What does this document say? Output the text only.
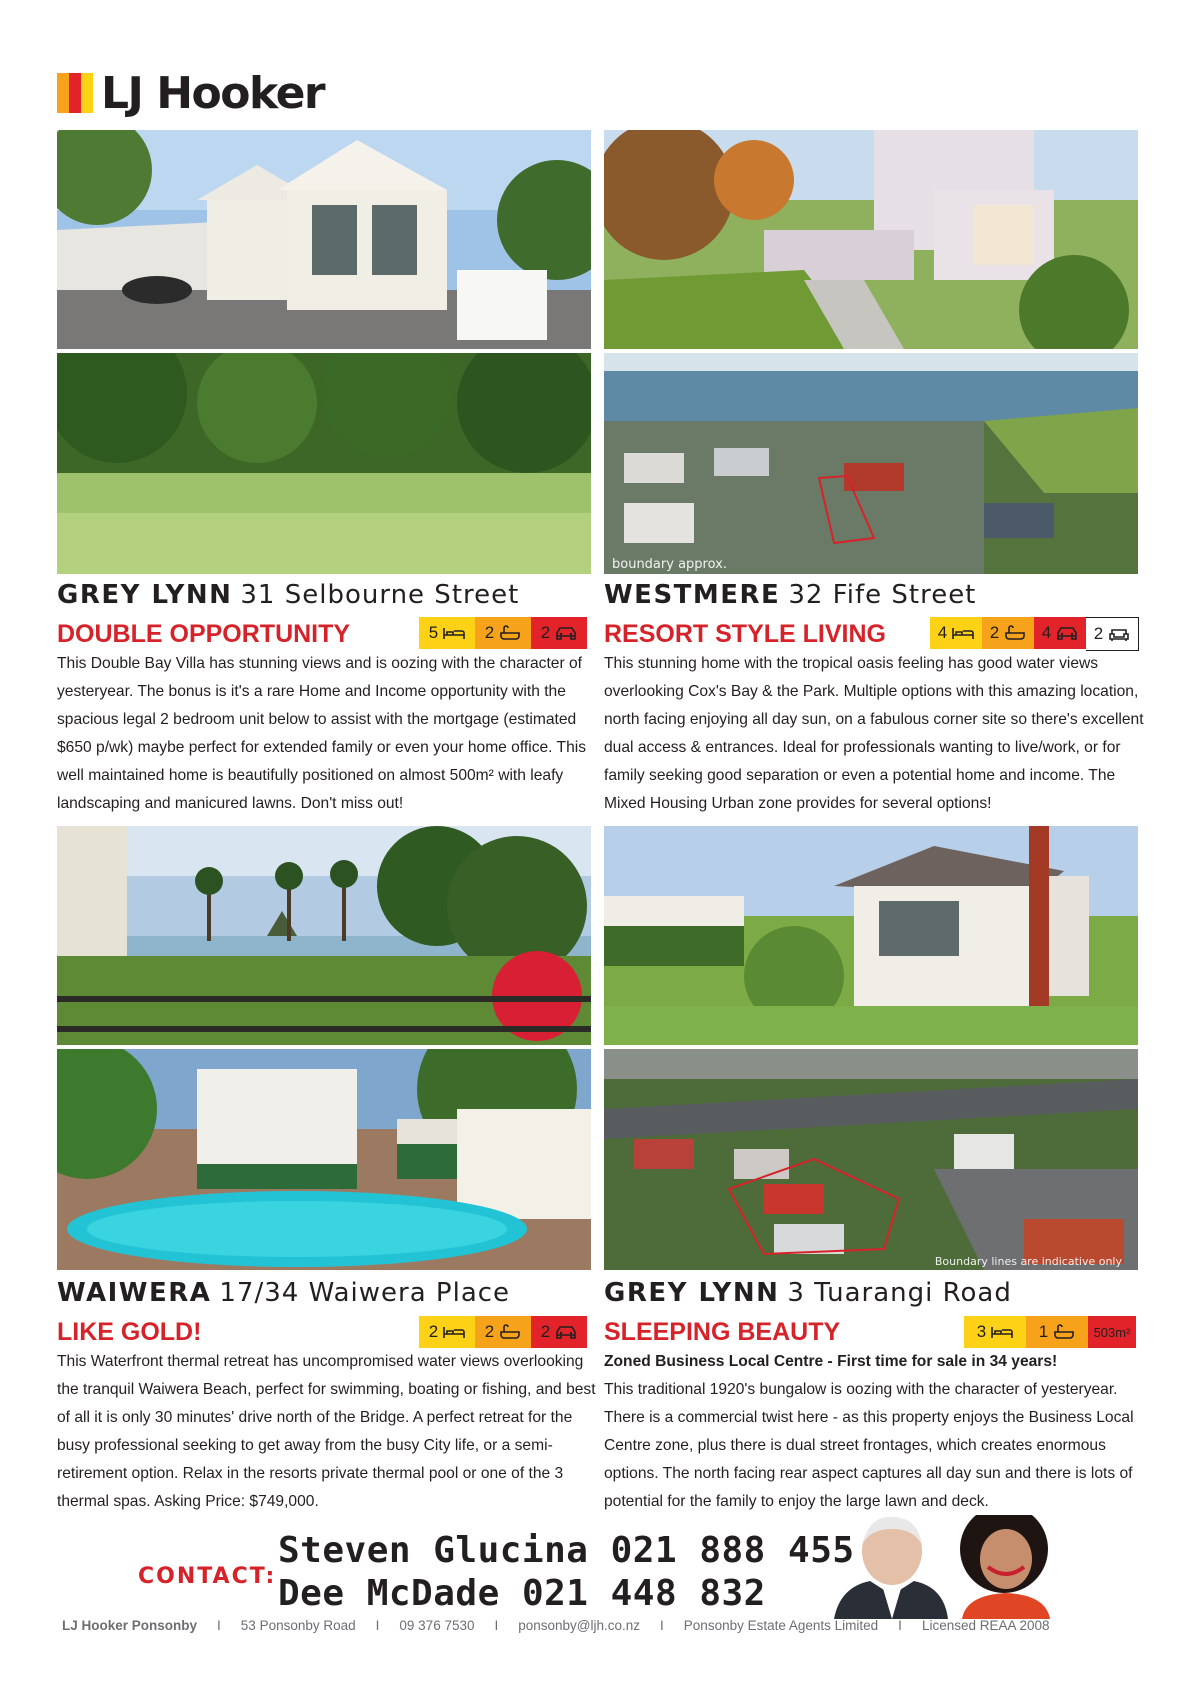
LJ Hooker
boundary approx.
GREY LYNN 31 Selbourne Street
DOUBLE OPPORTUNITY	5	2	2

This Double Bay Villa has stunning views and is oozing with the character of yesteryear. The bonus is it's a rare Home and Income opportunity with the spacious legal 2 bedroom unit below to assist with the mortgage (estimated $650 p/wk) maybe perfect for extended family or even your home office. This well maintained home is beautifully positioned on almost 500m² with leafy landscaping and manicured lawns. Don't miss out!

WESTMERE 32 Fife Street
RESORT STYLE LIVING	4	2	4	2

This stunning home with the tropical oasis feeling has good water views overlooking Cox's Bay & the Park. Multiple options with this amazing location, north facing enjoying all day sun, on a fabulous corner site so there's excellent dual access & entrances. Ideal for professionals wanting to live/work, or for family seeking good separation or even a potential home and income. The Mixed Housing Urban zone provides for several options!

Boundary lines are indicative only
WAIWERA 17/34 Waiwera Place
LIKE GOLD!	2	2	2

This Waterfront thermal retreat has uncompromised water views overlooking the tranquil Waiwera Beach, perfect for swimming, boating or fishing, and best of all it is only 30 minutes' drive north of the Bridge. A perfect retreat for the busy professional seeking to get away from the busy City life, or a semi-retirement option. Relax in the resorts private thermal pool or one of the 3 thermal spas. Asking Price: $749,000.

GREY LYNN 3 Tuarangi Road
SLEEPING BEAUTY	3	1	503m²

Zoned Business Local Centre - First time for sale in 34 years!

This traditional 1920's bungalow is oozing with the character of yesteryear. There is a commercial twist here - as this property enjoys the Business Local Centre zone, plus there is dual street frontages, which creates enormous options. The north facing rear aspect captures all day sun and there is lots of potential for the family to enjoy the large lawn and deck.

CONTACT:
Steven Glucina 021 888 455
Dee McDade 021 448 832
LJ Hooker Ponsonby I 53 Ponsonby Road I 09 376 7530 I ponsonby@ljh.co.nz I Ponsonby Estate Agents Limited I Licensed REAA 2008
